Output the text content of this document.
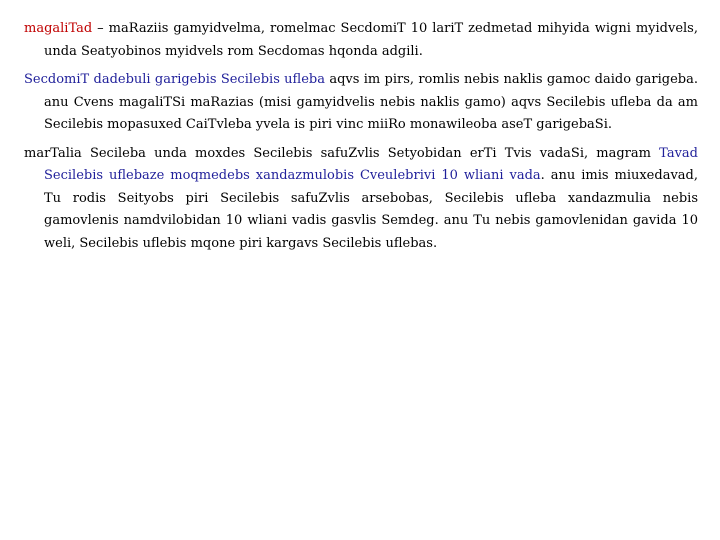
magaliTad – maRaziis gamyidvelma, romelmac SecdomiT 10 lariT zedmetad mihyida wigni myidvels, unda Seatyobinos myidvels rom Secdomas hqonda adgili.

SecdomiT dadebuli garigebis Secilebis ufleba aqvs im pirs, romlis nebis naklis gamoc daido garigeba. anu Cvens magaliTSi maRazias (misi gamyidvelis nebis naklis gamo) aqvs Secilebis ufleba da am Secilebis mopasuxed CaiTvleba yvela is piri vinc miiRo monawileoba aseT garigebaSi.

marTalia Secileba unda moxdes Secilebis safuZvlis Setyobidan erTi Tvis vadaSi, magram Tavad Secilebis uflebaze moqmedebs xandazmulobis Cveulebrivi 10 wliani vada. anu imis miuxedavad, Tu rodis Seityobs piri Secilebis safuZvlis arsebobas, Secilebis ufleba xandazmulia nebis gamovlenis namdvilobidan 10 wliani vadis gasvlis Semdeg. anu Tu nebis gamovlenidan gavida 10 weli, Secilebis uflebis mqone piri kargavs Secilebis uflebas.
